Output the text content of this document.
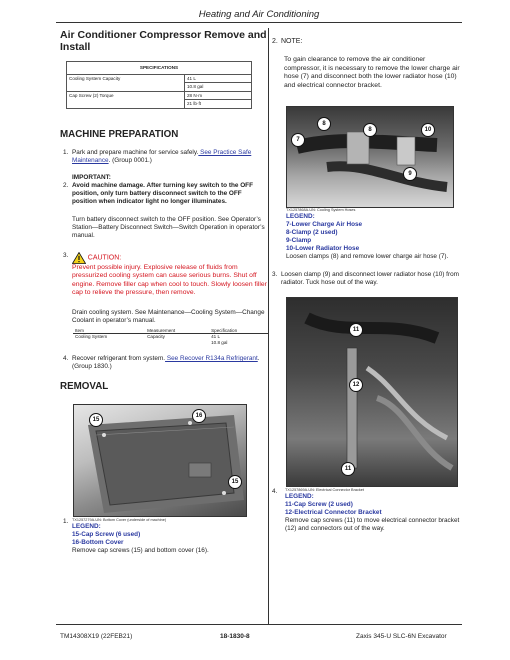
Heating and Air Conditioning
Air Conditioner Compressor Remove and Install
SPECIFICATIONS	
Cooling System Capacity	41 L
	10.8 gal
Cap Screw (2) Torque	28 N·m
	21 lb·ft
MACHINE PREPARATION
1. Park and prepare machine for service safely. See Practice Safe Maintenance. (Group 0001.)
IMPORTANT:
2. Avoid machine damage. After turning key switch to the OFF position, only turn battery disconnect switch to the OFF position when indicator light no longer illuminates.
Turn battery disconnect switch to the OFF position. See Operator’s Station—Battery Disconnect Switch—Switch Operation in operator’s manual.
3.	CAUTION:
Prevent possible injury. Explosive release of fluids from pressurized cooling system can cause serious burns. Shut off engine. Remove filler cap when cool to touch. Slowly loosen filler cap to relieve the pressure, then remove.
Drain cooling system. See Maintenance—Cooling System—Change Coolant in operator’s manual.
Item	Measurement	Specification
Cooling System	Capacity	41 L
10.8 gal
4. Recover refrigerant from system. See Recover R134a Refrigerant. (Group 1830.)
REMOVAL
15
16
15
1. TX1257279A-UN: Bottom Cover (underside of machine)
LEGEND:
15-Cap Screw (6 used)
16-Bottom Cover
Remove cap screws (15) and bottom cover (16).
2. NOTE:
To gain clearance to remove the air conditioner compressor, it is necessary to remove the lower charge air hose (7) and disconnect both the lower radiator hose (10) and electrical connector bracket.
8
7
8	10
9
TX1257868A-UN: Cooling System Hoses
LEGEND:
7-Lower Charge Air Hose
8-Clamp (2 used)
9-Clamp
10-Lower Radiator Hose
Loosen clamps (8) and remove lower charge air hose (7).
3. Loosen clamp (9) and disconnect lower radiator hose (10) from radiator. Tuck hose out of the way.
11
12
11
4.	TX1257869A-UN: Electrical Connector Bracket
LEGEND:
11-Cap Screw (2 used)
12-Electrical Connector Bracket
Remove cap screws (11) to move electrical connector bracket (12) and connectors out of the way.
TM14308X19 (22FEB21)	18-1830-8	Zaxis 345-U SLC-6N Excavator
